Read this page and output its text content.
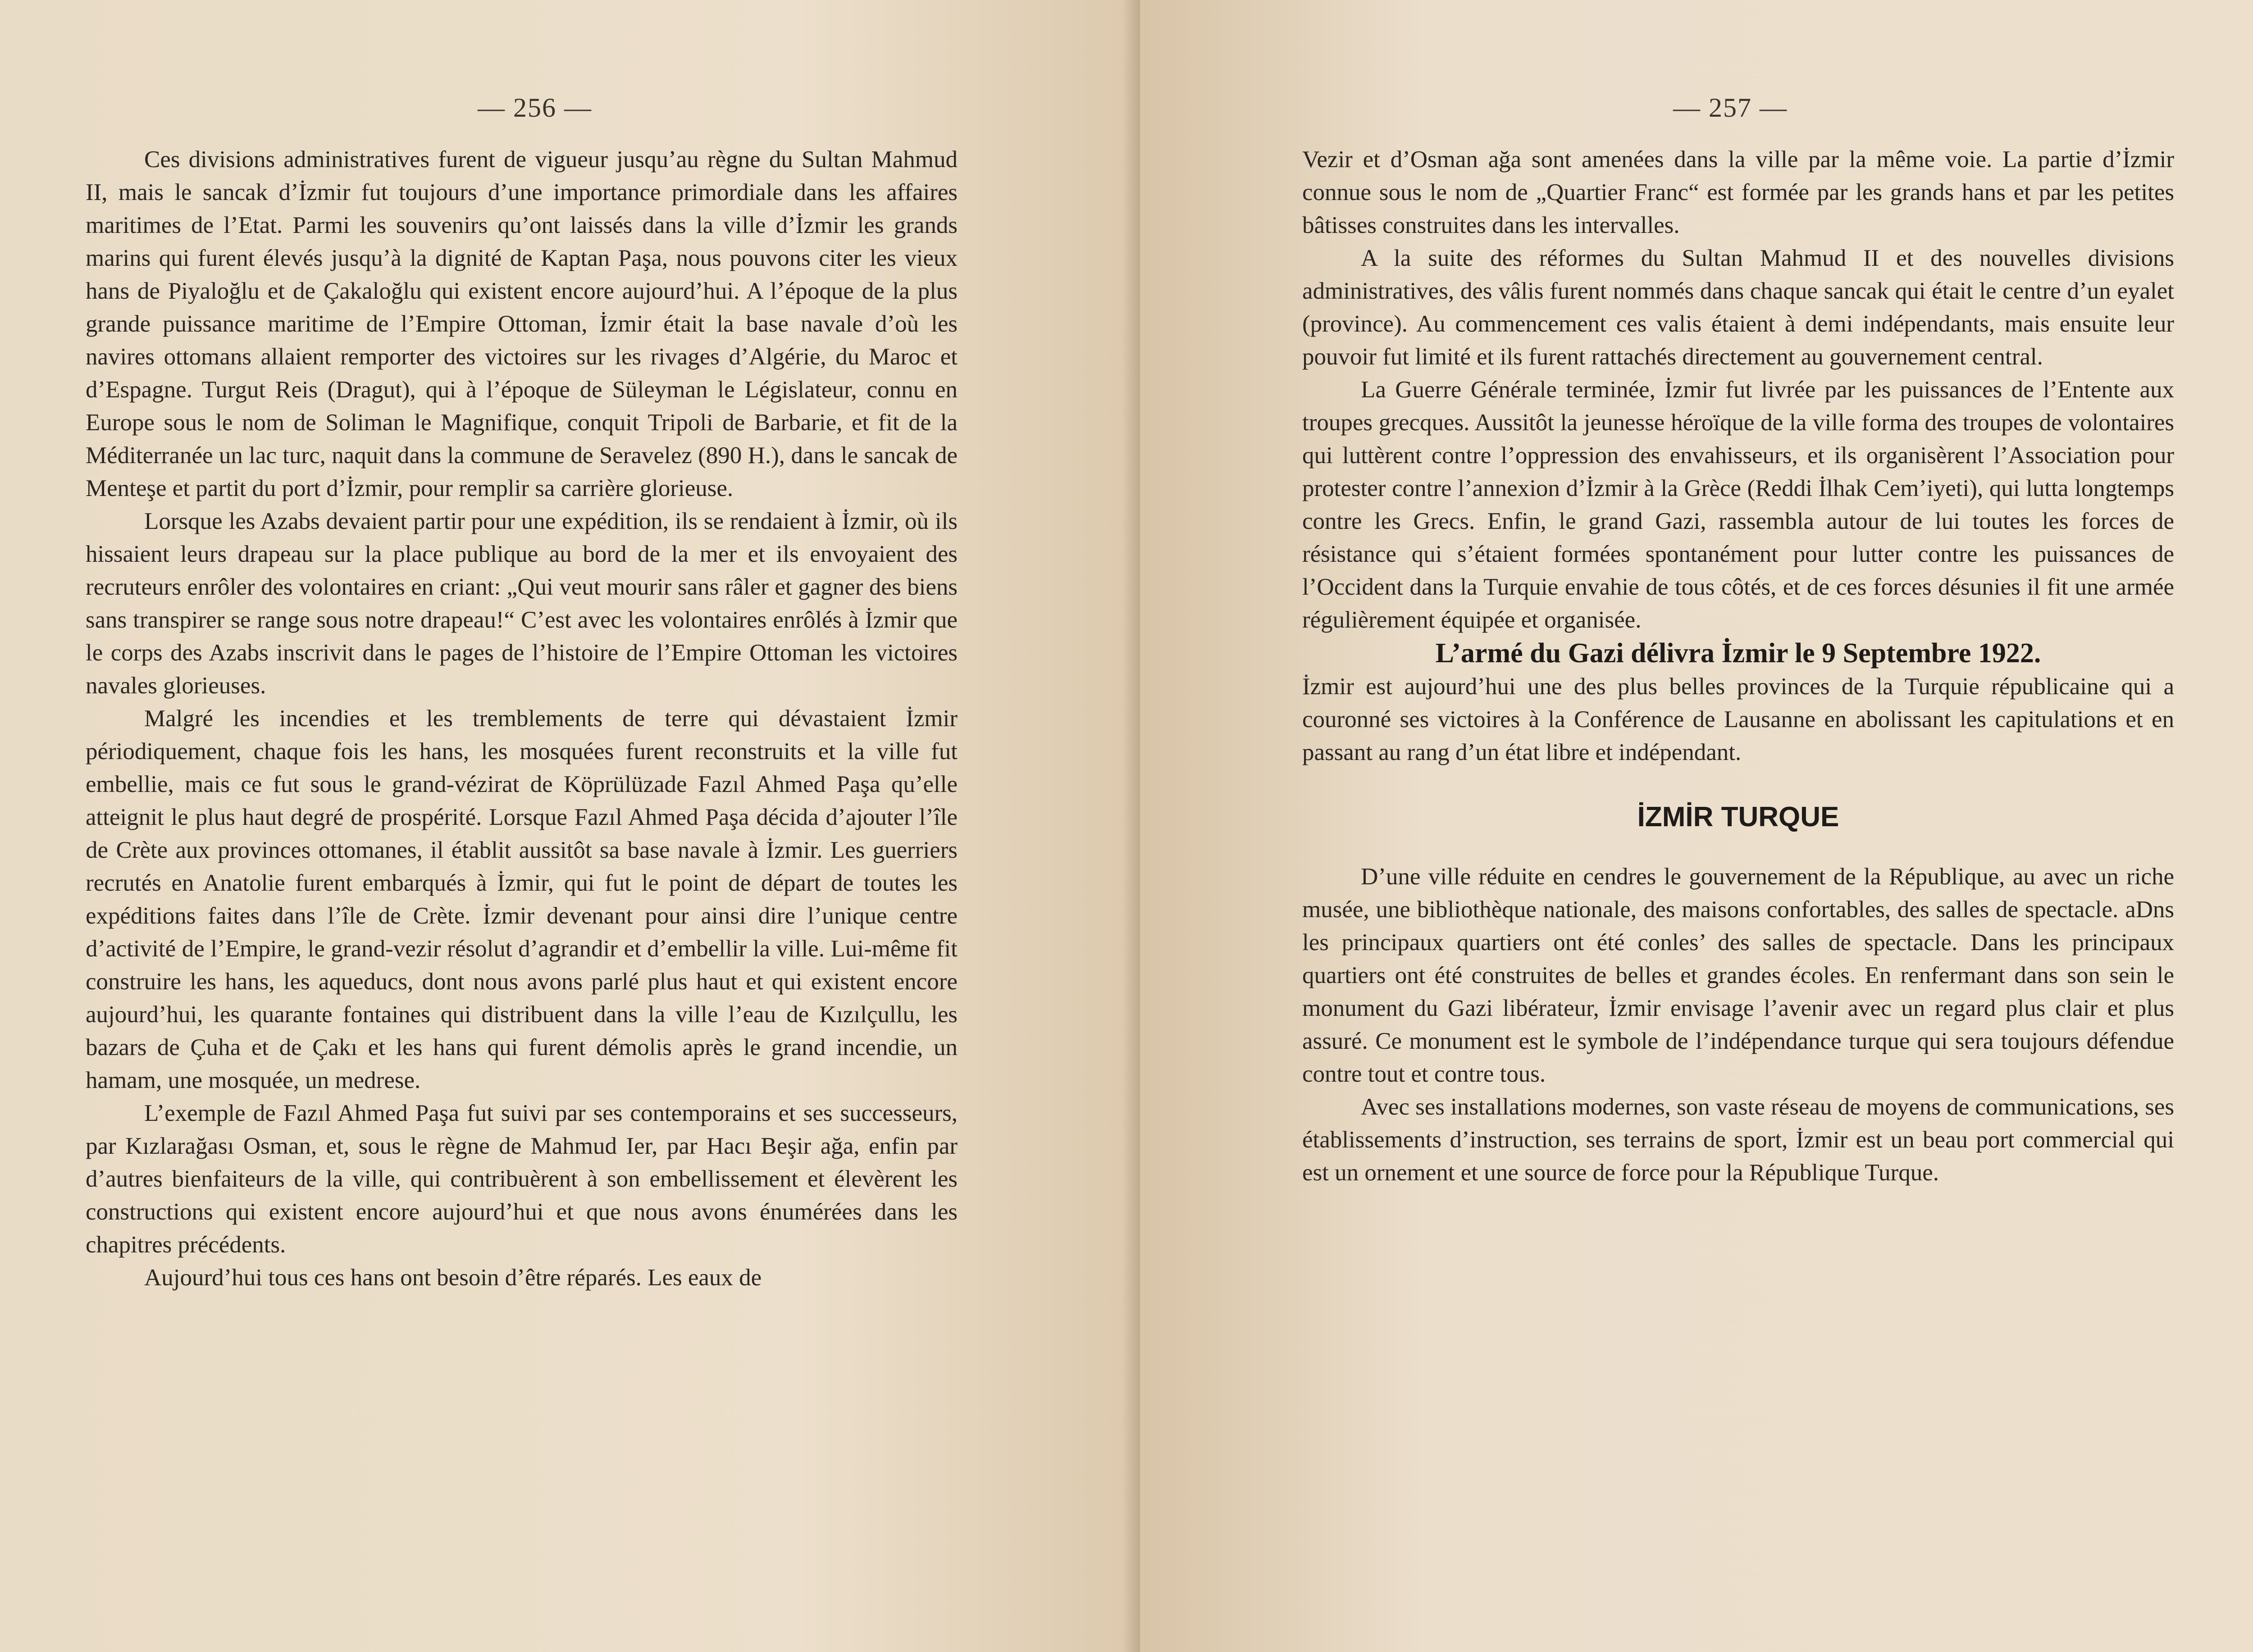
— 256 —

Ces divisions administratives furent de vigueur jusqu’au règne du Sultan Mahmud II, mais le sancak d’İzmir fut toujours d’une importance primordiale dans les affaires maritimes de l’Etat. Parmi les souvenirs qu’ont laissés dans la ville d’İzmir les grands marins qui furent élevés jusqu’à la dignité de Kaptan Paşa, nous pouvons citer les vieux hans de Piyaloğlu et de Çakaloğlu qui existent encore aujourd’hui. A l’époque de la plus grande puissance maritime de l’Empire Ottoman, İzmir était la base navale d’où les navires ottomans allaient remporter des victoires sur les rivages d’Algérie, du Maroc et d’Espagne. Turgut Reis (Dragut), qui à l’époque de Süleyman le Législateur, connu en Europe sous le nom de Soliman le Magnifique, conquit Tripoli de Barbarie, et fit de la Méditerranée un lac turc, naquit dans la commune de Seravelez (890 H.), dans le sancak de Menteşe et partit du port d’İzmir, pour remplir sa carrière glorieuse.

Lorsque les Azabs devaient partir pour une expédition, ils se rendaient à İzmir, où ils hissaient leurs drapeau sur la place publique au bord de la mer et ils envoyaient des recruteurs enrôler des volontaires en criant: „Qui veut mourir sans râler et gagner des biens sans transpirer se range sous notre drapeau!“ C’est avec les volontaires enrôlés à İzmir que le corps des Azabs inscrivit dans le pages de l’histoire de l’Empire Ottoman les victoires navales glorieuses.

Malgré les incendies et les tremblements de terre qui dévastaient İzmir périodiquement, chaque fois les hans, les mosquées furent reconstruits et la ville fut embellie, mais ce fut sous le grand-vézirat de Köprülüzade Fazıl Ahmed Paşa qu’elle atteignit le plus haut degré de prospérité. Lorsque Fazıl Ahmed Paşa décida d’ajouter l’île de Crète aux provinces ottomanes, il établit aussitôt sa base navale à İzmir. Les guerriers recrutés en Anatolie furent embarqués à İzmir, qui fut le point de départ de toutes les expéditions faites dans l’île de Crète. İzmir devenant pour ainsi dire l’unique centre d’activité de l’Empire, le grand-vezir résolut d’agrandir et d’embellir la ville. Lui-même fit construire les hans, les aqueducs, dont nous avons parlé plus haut et qui existent encore aujourd’hui, les quarante fontaines qui distribuent dans la ville l’eau de Kızılçullu, les bazars de Çuha et de Çakı et les hans qui furent démolis après le grand incendie, un hamam, une mosquée, un medrese.

L’exemple de Fazıl Ahmed Paşa fut suivi par ses contemporains et ses successeurs, par Kızlarağası Osman, et, sous le règne de Mahmud Ier, par Hacı Beşir ağa, enfin par d’autres bienfaiteurs de la ville, qui contribuèrent à son embellissement et élevèrent les constructions qui existent encore aujourd’hui et que nous avons énumérées dans les chapitres précédents.

Aujourd’hui tous ces hans ont besoin d’être réparés. Les eaux de

— 257 —

Vezir et d’Osman ağa sont amenées dans la ville par la même voie. La partie d’İzmir connue sous le nom de „Quartier Franc“ est formée par les grands hans et par les petites bâtisses construites dans les intervalles.

A la suite des réformes du Sultan Mahmud II et des nouvelles divisions administratives, des vâlis furent nommés dans chaque sancak qui était le centre d’un eyalet (province). Au commencement ces valis étaient à demi indépendants, mais ensuite leur pouvoir fut limité et ils furent rattachés directement au gouvernement central.

La Guerre Générale terminée, İzmir fut livrée par les puissances de l’Entente aux troupes grecques. Aussitôt la jeunesse héroïque de la ville forma des troupes de volontaires qui luttèrent contre l’oppression des envahisseurs, et ils organisèrent l’Association pour protester contre l’annexion d’İzmir à la Grèce (Reddi İlhak Cem’iyeti), qui lutta longtemps contre les Grecs. Enfin, le grand Gazi, rassembla autour de lui toutes les forces de résistance qui s’étaient formées spontanément pour lutter contre les puissances de l’Occident dans la Turquie envahie de tous côtés, et de ces forces désunies il fit une armée régulièrement équipée et organisée.

L’armé du Gazi délivra İzmir le 9 Septembre 1922.

İzmir est aujourd’hui une des plus belles provinces de la Turquie républicaine qui a couronné ses victoires à la Conférence de Lausanne en abolissant les capitulations et en passant au rang d’un état libre et indépendant.

İZMİR TURQUE

D’une ville réduite en cendres le gouvernement de la République, au avec un riche musée, une bibliothèque nationale, des maisons confortables, des salles de spectacle. aDns les principaux quartiers ont été conles’ des salles de spectacle. Dans les principaux quartiers ont été construites de belles et grandes écoles. En renfermant dans son sein le monument du Gazi libérateur, İzmir envisage l’avenir avec un regard plus clair et plus assuré. Ce monument est le symbole de l’indépendance turque qui sera toujours défendue contre tout et contre tous.

Avec ses installations modernes, son vaste réseau de moyens de communications, ses établissements d’instruction, ses terrains de sport, İzmir est un beau port commercial qui est un ornement et une source de force pour la République Turque.
